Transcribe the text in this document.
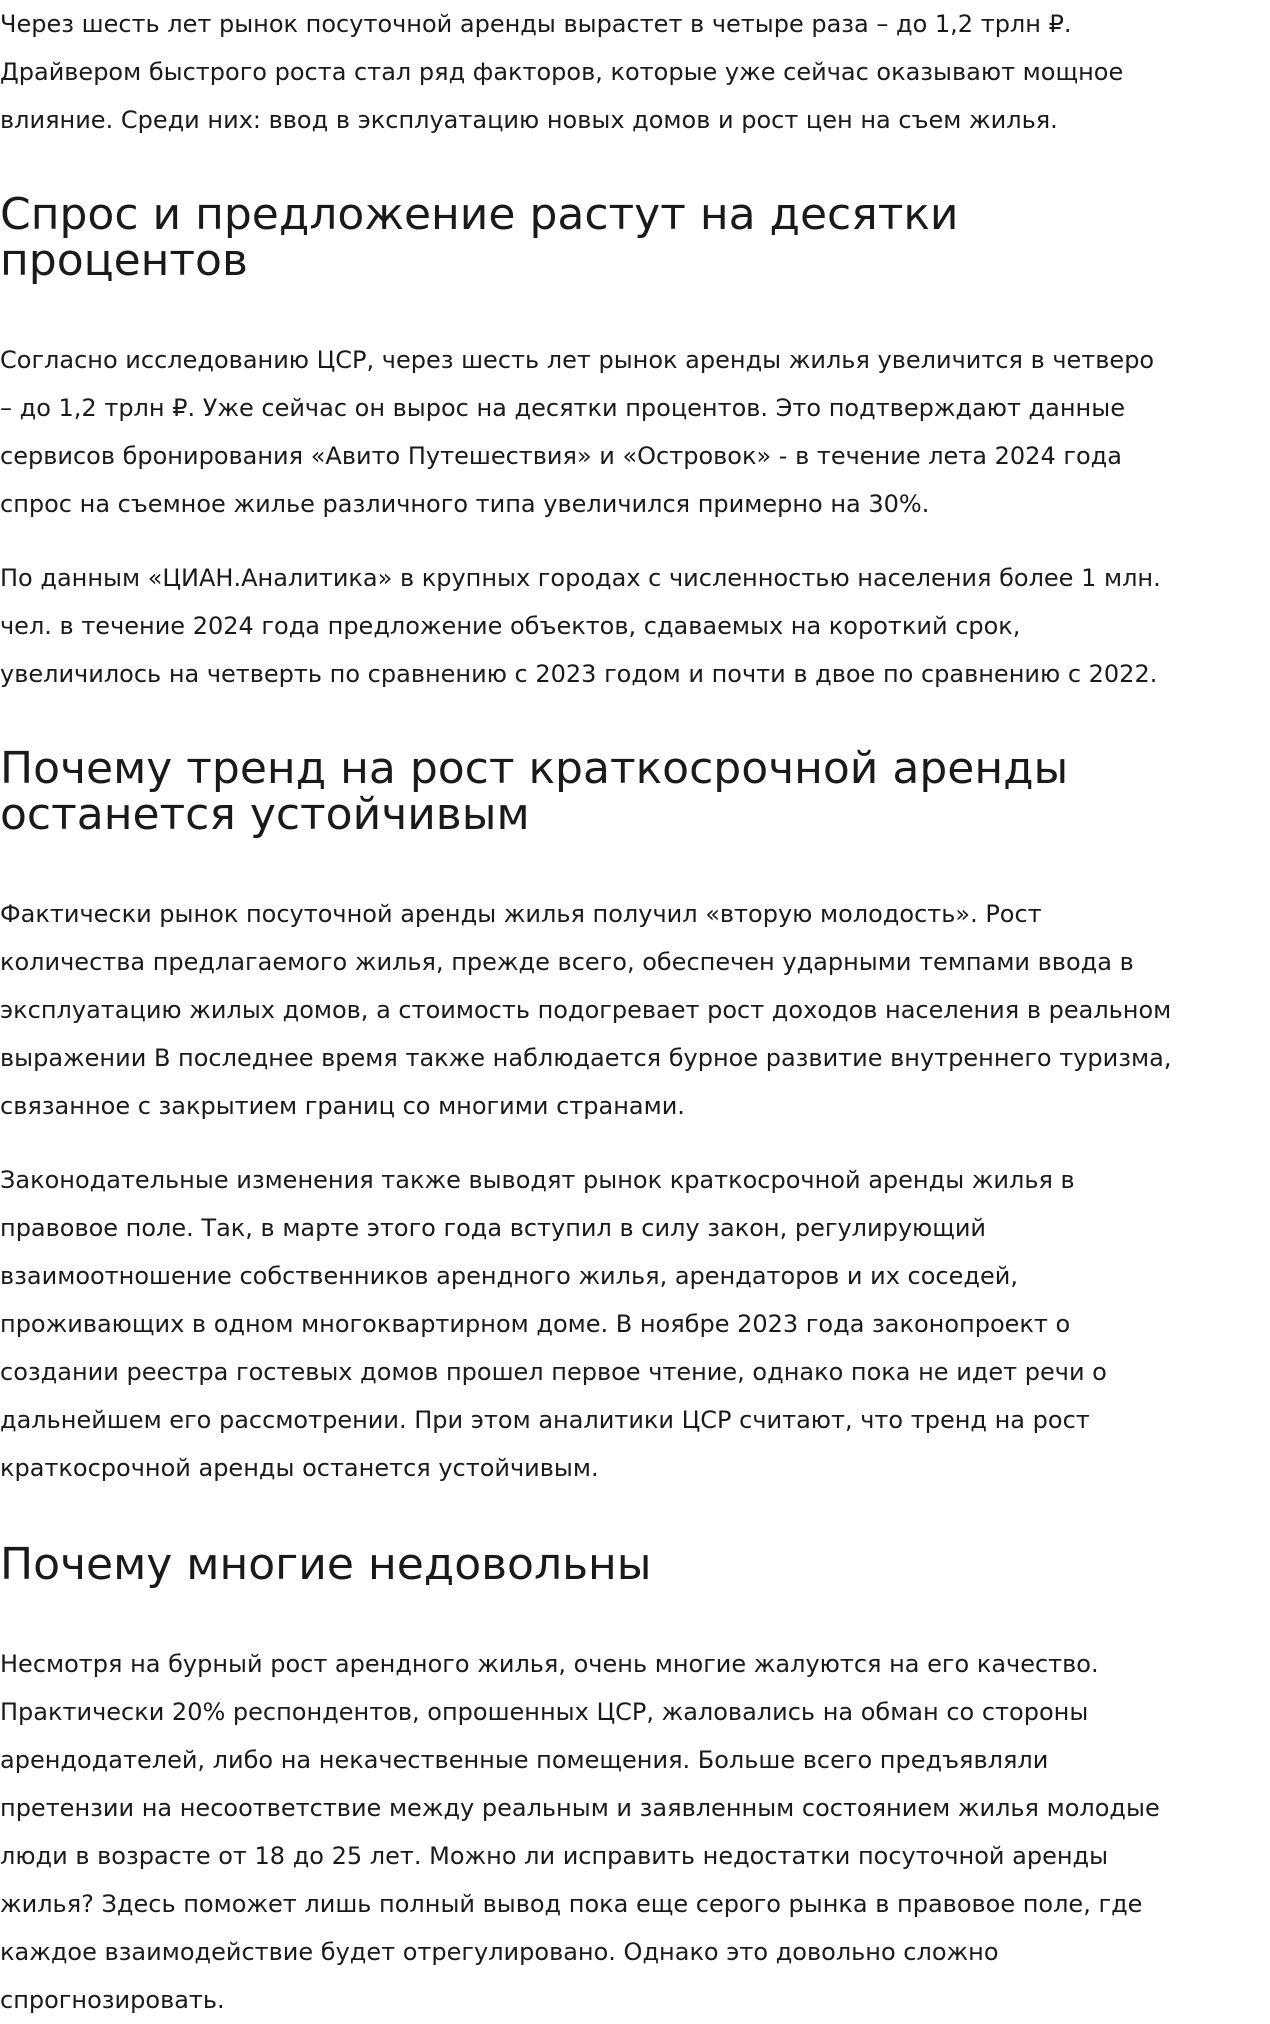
Через шесть лет рынок посуточной аренды вырастет в четыре раза – до 1,2 трлн ₽.
Драйвером быстрого роста стал ряд факторов, которые уже сейчас оказывают мощное
влияние. Среди них: ввод в эксплуатацию новых домов и рост цен на съем жилья.

Спрос и предложение растут на десятки
процентов

Согласно исследованию ЦСР, через шесть лет рынок аренды жилья увеличится в четверо
– до 1,2 трлн ₽. Уже сейчас он вырос на десятки процентов. Это подтверждают данные
сервисов бронирования «Авито Путешествия» и «Островок» - в течение лета 2024 года
спрос на съемное жилье различного типа увеличился примерно на 30%.

По данным «ЦИАН.Аналитика» в крупных городах с численностью населения более 1 млн.
чел. в течение 2024 года предложение объектов, сдаваемых на короткий срок,
увеличилось на четверть по сравнению с 2023 годом и почти в двое по сравнению с 2022.

Почему тренд на рост краткосрочной аренды
останется устойчивым

Фактически рынок посуточной аренды жилья получил «вторую молодость». Рост
количества предлагаемого жилья, прежде всего, обеспечен ударными темпами ввода в
эксплуатацию жилых домов, а стоимость подогревает рост доходов населения в реальном
выражении В последнее время также наблюдается бурное развитие внутреннего туризма,
связанное с закрытием границ со многими странами.

Законодательные изменения также выводят рынок краткосрочной аренды жилья в
правовое поле. Так, в марте этого года вступил в силу закон, регулирующий
взаимоотношение собственников арендного жилья, арендаторов и их соседей,
проживающих в одном многоквартирном доме. В ноябре 2023 года законопроект о
создании реестра гостевых домов прошел первое чтение, однако пока не идет речи о
дальнейшем его рассмотрении. При этом аналитики ЦСР считают, что тренд на рост
краткосрочной аренды останется устойчивым.

Почему многие недовольны

Несмотря на бурный рост арендного жилья, очень многие жалуются на его качество.
Практически 20% респондентов, опрошенных ЦСР, жаловались на обман со стороны
арендодателей, либо на некачественные помещения. Больше всего предъявляли
претензии на несоответствие между реальным и заявленным состоянием жилья молодые
люди в возрасте от 18 до 25 лет. Можно ли исправить недостатки посуточной аренды
жилья? Здесь поможет лишь полный вывод пока еще серого рынка в правовое поле, где
каждое взаимодействие будет отрегулировано. Однако это довольно сложно
спрогнозировать.
